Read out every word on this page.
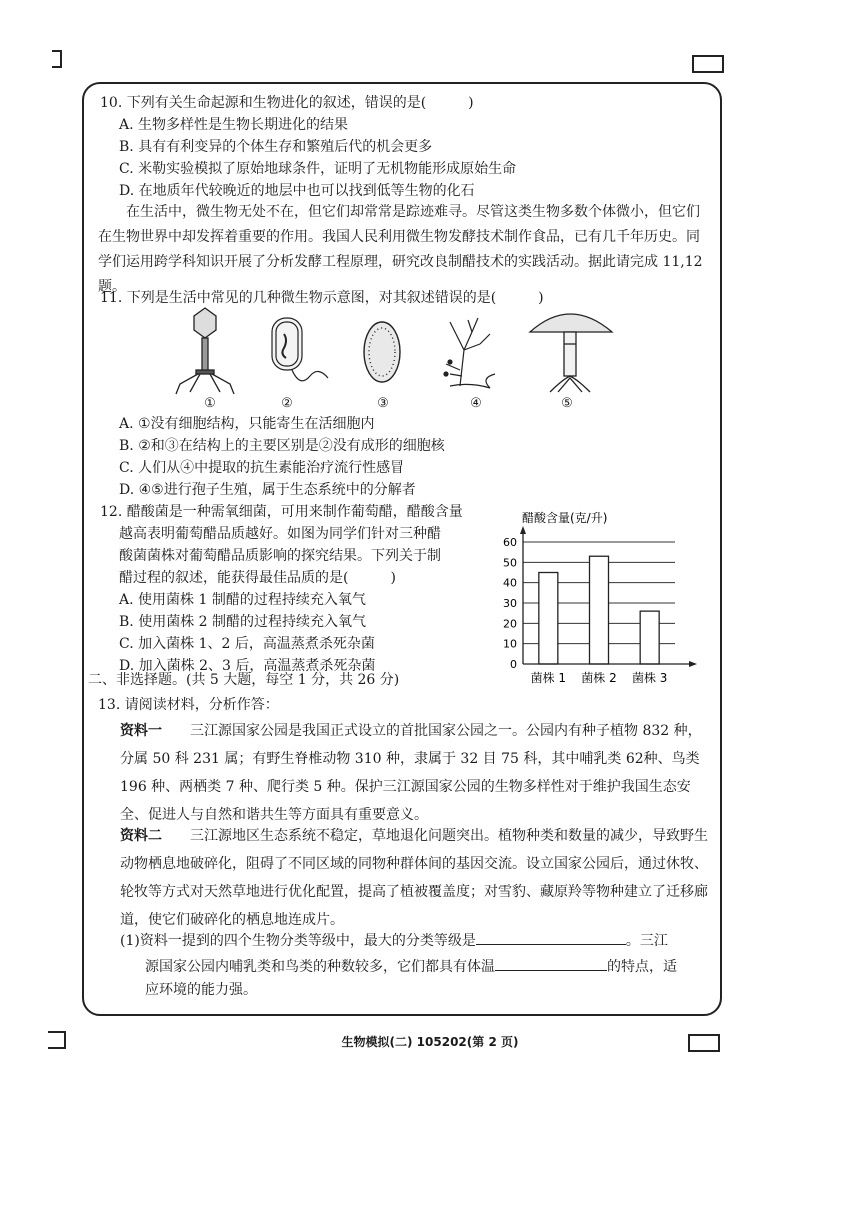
10. 下列有关生命起源和生物进化的叙述，错误的是(　　　)
A. 生物多样性是生物长期进化的结果
B. 具有有利变异的个体生存和繁殖后代的机会更多
C. 米勒实验模拟了原始地球条件，证明了无机物能形成原始生命
D. 在地质年代较晚近的地层中也可以找到低等生物的化石
在生活中，微生物无处不在，但它们却常常是踪迹难寻。尽管这类生物多数个体微小，但它们在生物世界中却发挥着重要的作用。我国人民利用微生物发酵技术制作食品，已有几千年历史。同学们运用跨学科知识开展了分析发酵工程原理，研究改良制醋技术的实践活动。据此请完成 11,12 题。
11. 下列是生活中常见的几种微生物示意图，对其叙述错误的是(　　　)
①	②	③	④	⑤
A. ①没有细胞结构，只能寄生在活细胞内
B. ②和③在结构上的主要区别是②没有成形的细胞核
C. 人们从④中提取的抗生素能治疗流行性感冒
D. ④⑤进行孢子生殖，属于生态系统中的分解者
12. 醋酸菌是一种需氧细菌，可用来制作葡萄醋，醋酸含量
越高表明葡萄醋品质越好。如图为同学们针对三种醋
酸菌菌株对葡萄醋品质影响的探究结果。下列关于制
醋过程的叙述，能获得最佳品质的是(　　　)
A. 使用菌株 1 制醋的过程持续充入氧气
B. 使用菌株 2 制醋的过程持续充入氧气
C. 加入菌株 1、2 后，高温蒸煮杀死杂菌
D. 加入菌株 2、3 后，高温蒸煮杀死杂菌
醋酸含量(克/升)
0
10
20
30
40
50
60
菌株 1 菌株 2 菌株 3
二、非选择题。(共 5 大题，每空 1 分，共 26 分)
13. 请阅读材料，分析作答：
资料一   三江源国家公园是我国正式设立的首批国家公园之一。公园内有种子植物 832 种，分属 50 科 231 属；有野生脊椎动物 310 种，隶属于 32 目 75 科，其中哺乳类 62种、鸟类 196 种、两栖类 7 种、爬行类 5 种。保护三江源国家公园的生物多样性对于维护我国生态安全、促进人与自然和谐共生等方面具有重要意义。
资料二   三江源地区生态系统不稳定，草地退化问题突出。植物种类和数量的减少，导致野生动物栖息地破碎化，阻碍了不同区域的同物种群体间的基因交流。设立国家公园后，通过休牧、轮牧等方式对天然草地进行优化配置，提高了植被覆盖度；对雪豹、藏原羚等物种建立了迁移廊道，使它们破碎化的栖息地连成片。
(1)资料一提到的四个生物分类等级中，最大的分类等级是	。三江
源国家公园内哺乳类和鸟类的种数较多，它们都具有体温	的特点，适
应环境的能力强。
生物模拟(二) 105202(第 2 页)
